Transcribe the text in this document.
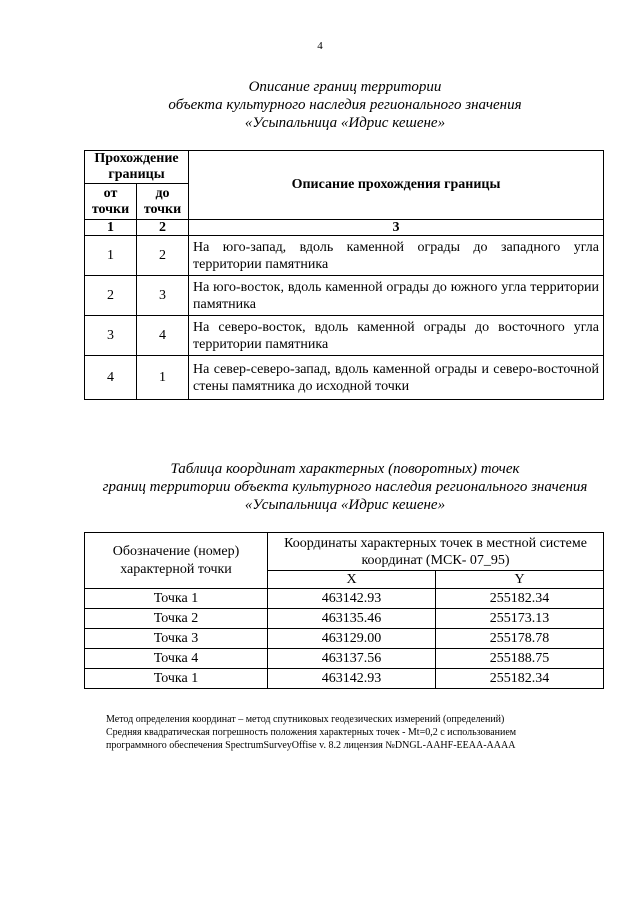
4
Описание границ территории
объекта культурного наследия регионального значения
«Усыпальница «Идрис кешене»
Прохождение границы		Описание прохождения границы
от точки	до точки	
1	2	3
1	2	На юго-запад, вдоль каменной ограды до западного угла территории памятника
2	3	На юго-восток, вдоль каменной ограды до южного угла территории памятника
3	4	На северо-восток, вдоль каменной ограды до восточного угла территории памятника
4	1	На север-северо-запад, вдоль каменной ограды и северо-восточной стены памятника до исходной точки
Таблица координат характерных (поворотных) точек
границ территории объекта культурного наследия регионального значения
«Усыпальница «Идрис кешене»
Обозначение (номер) характерной точки	Координаты характерных точек в местной системе координат (МСК- 07_95)	
	X	Y
Точка 1	463142.93	255182.34
Точка 2	463135.46	255173.13
Точка 3	463129.00	255178.78
Точка 4	463137.56	255188.75
Точка 1	463142.93	255182.34
Метод определения координат – метод спутниковых геодезических измерений (определений)
Средняя квадратическая погрешность положения характерных точек - Mt=0,2 с использованием
программного обеспечения SpectrumSurveyOffise v. 8.2 лицензия №DNGL-AAHF-EEAA-AAAA
